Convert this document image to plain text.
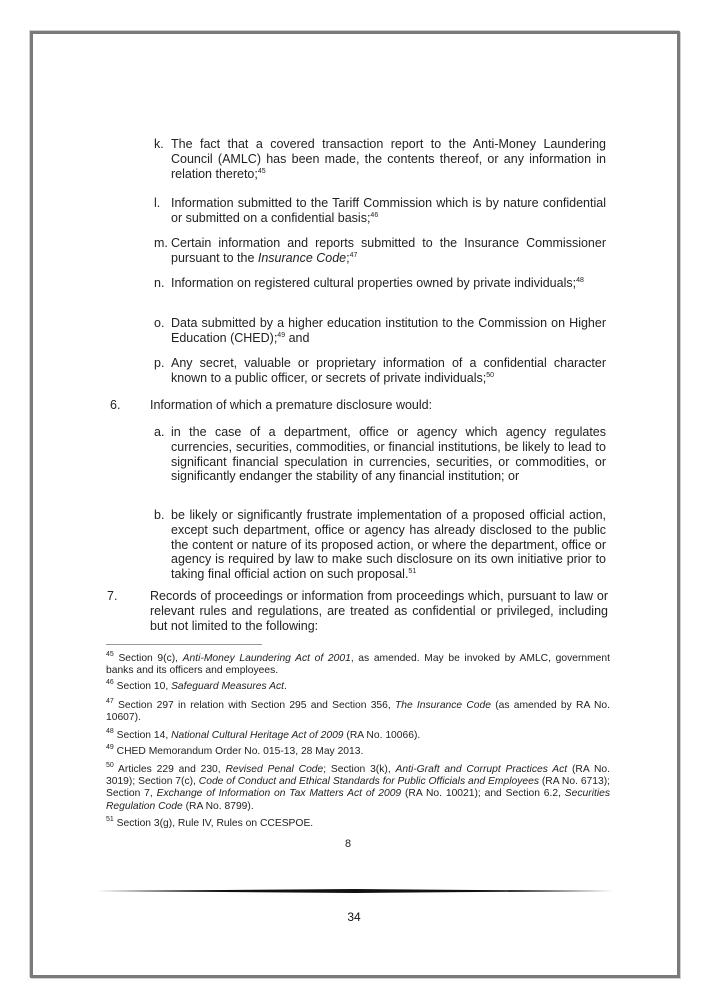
k. The fact that a covered transaction report to the Anti-Money Laundering Council (AMLC) has been made, the contents thereof, or any information in relation thereto;$^{45}$
l. Information submitted to the Tariff Commission which is by nature confidential or submitted on a confidential basis;$^{46}$
m. Certain information and reports submitted to the Insurance Commissioner pursuant to the Insurance Code;$^{47}$
n. Information on registered cultural properties owned by private individuals;$^{48}$
o. Data submitted by a higher education institution to the Commission on Higher Education (CHED);$^{49}$ and
p. Any secret, valuable or proprietary information of a confidential character known to a public officer, or secrets of private individuals;$^{50}$
6. Information of which a premature disclosure would:
a. in the case of a department, office or agency which agency regulates currencies, securities, commodities, or financial institutions, be likely to lead to significant financial speculation in currencies, securities, or commodities, or significantly endanger the stability of any financial institution; or
b. be likely or significantly frustrate implementation of a proposed official action, except such department, office or agency has already disclosed to the public the content or nature of its proposed action, or where the department, office or agency is required by law to make such disclosure on its own initiative prior to taking final official action on such proposal.$^{51}$
7.	Records of proceedings or information from proceedings which, pursuant to law or relevant rules and regulations, are treated as confidential or privileged, including but not limited to the following:
$^{45}$ Section 9(c), Anti-Money Laundering Act of 2001, as amended. May be invoked by AMLC, government banks and its officers and employees.
$^{46}$ Section 10, Safeguard Measures Act.
$^{47}$ Section 297 in relation with Section 295 and Section 356, The Insurance Code (as amended by RA No. 10607).
$^{48}$ Section 14, National Cultural Heritage Act of 2009 (RA No. 10066).
$^{49}$ CHED Memorandum Order No. 015-13, 28 May 2013.
$^{50}$ Articles 229 and 230, Revised Penal Code; Section 3(k), Anti-Graft and Corrupt Practices Act (RA No. 3019); Section 7(c), Code of Conduct and Ethical Standards for Public Officials and Employees (RA No. 6713); Section 7, Exchange of Information on Tax Matters Act of 2009 (RA No. 10021); and Section 6.2, Securities Regulation Code (RA No. 8799).
$^{51}$ Section 3(g), Rule IV, Rules on CCESPOE.
8
34
